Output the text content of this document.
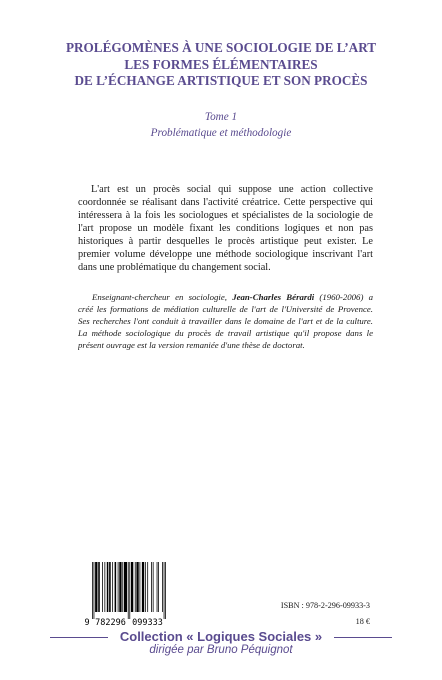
PROLÉGOMÈNES À UNE SOCIOLOGIE DE L’ART
LES FORMES ÉLÉMENTAIRES
DE L’ÉCHANGE ARTISTIQUE ET SON PROCÈS
Tome 1
Problématique et méthodologie
L'art est un procès social qui suppose une action collective
coordonnée se réalisant dans l'activité créatrice. Cette perspective qui
intéressera à la fois les sociologues et spécialistes de la sociologie de
l'art propose un modèle fixant les conditions logiques et non pas
historiques à partir desquelles le procès artistique peut exister. Le
premier volume développe une méthode sociologique inscrivant l'art
dans une problématique du changement social.
Enseignant-chercheur en sociologie, Jean-Charles Bérardi (1960-2006) a
créé les formations de médiation culturelle de l'art de l'Université de Provence.
Ses recherches l'ont conduit à travailler dans le domaine de l'art et de la culture.
La méthode sociologique du procès de travail artistique qu'il propose dans le
présent ouvrage est la version remaniée d'une thèse de doctorat.
9 782296 099333
ISBN : 978-2-296-09933-3
18 €
Collection « Logiques Sociales »
dirigée par Bruno Péquignot
